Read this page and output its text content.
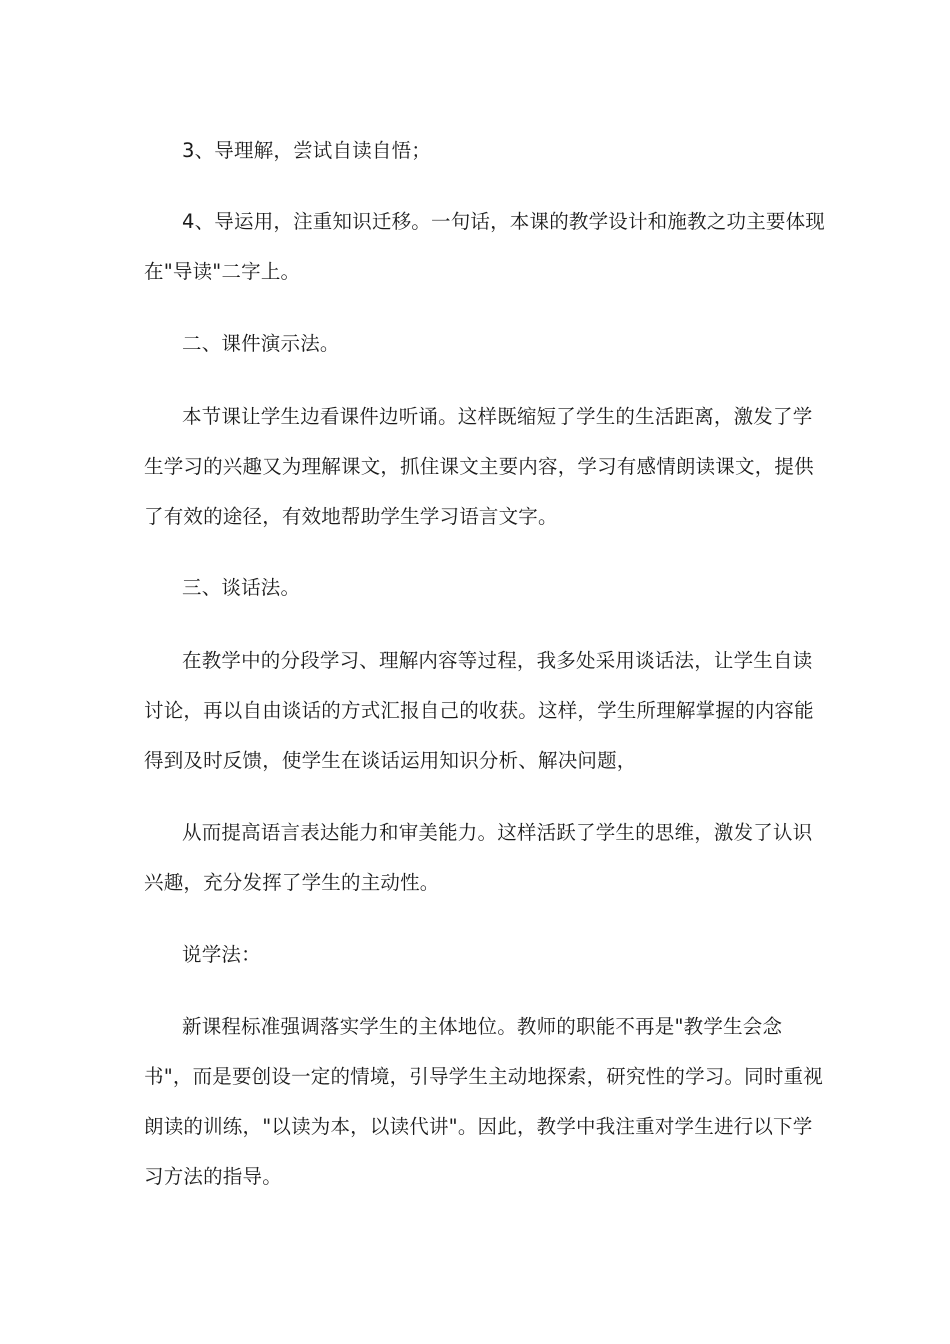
3、导理解，尝试自读自悟；
4、导运用，注重知识迁移。一句话，本课的教学设计和施教之功主要体现
在"导读"二字上。
二、课件演示法。
本节课让学生边看课件边听诵。这样既缩短了学生的生活距离，激发了学
生学习的兴趣又为理解课文，抓住课文主要内容，学习有感情朗读课文，提供
了有效的途径，有效地帮助学生学习语言文字。
三、谈话法。
在教学中的分段学习、理解内容等过程，我多处采用谈话法，让学生自读
讨论，再以自由谈话的方式汇报自己的收获。这样，学生所理解掌握的内容能
得到及时反馈，使学生在谈话运用知识分析、解决问题，
从而提高语言表达能力和审美能力。这样活跃了学生的思维，激发了认识
兴趣，充分发挥了学生的主动性。
说学法：
新课程标准强调落实学生的主体地位。教师的职能不再是"教学生会念
书"，而是要创设一定的情境，引导学生主动地探索，研究性的学习。同时重视
朗读的训练，"以读为本，以读代讲"。因此，教学中我注重对学生进行以下学
习方法的指导。
